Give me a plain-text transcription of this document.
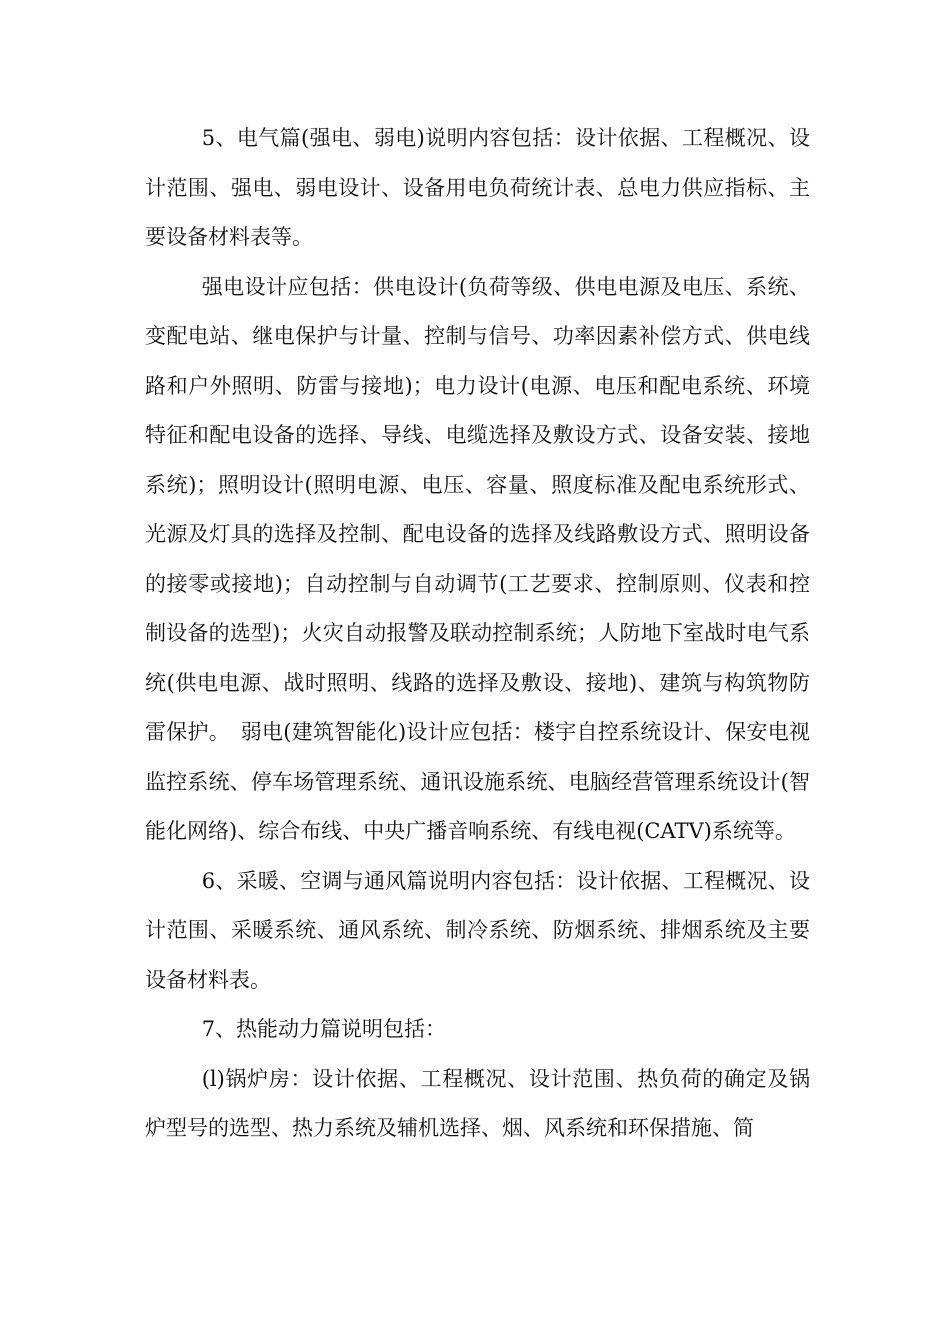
5、电气篇(强电、弱电)说明内容包括：设计依据、工程概况、设计范围、强电、弱电设计、设备用电负荷统计表、总电力供应指标、主要设备材料表等。

强电设计应包括：供电设计(负荷等级、供电电源及电压、系统、变配电站、继电保护与计量、控制与信号、功率因素补偿方式、供电线路和户外照明、防雷与接地)；电力设计(电源、电压和配电系统、环境特征和配电设备的选择、导线、电缆选择及敷设方式、设备安装、接地系统)；照明设计(照明电源、电压、容量、照度标准及配电系统形式、光源及灯具的选择及控制、配电设备的选择及线路敷设方式、照明设备的接零或接地)；自动控制与自动调节(工艺要求、控制原则、仪表和控制设备的选型)；火灾自动报警及联动控制系统；人防地下室战时电气系统(供电电源、战时照明、线路的选择及敷设、接地)、建筑与构筑物防雷保护。　弱电(建筑智能化)设计应包括：楼宇自控系统设计、保安电视监控系统、停车场管理系统、通讯设施系统、电脑经营管理系统设计(智能化网络)、综合布线、中央广播音响系统、有线电视(CATV)系统等。

6、采暖、空调与通风篇说明内容包括：设计依据、工程概况、设计范围、采暖系统、通风系统、制冷系统、防烟系统、排烟系统及主要设备材料表。

7、热能动力篇说明包括：

(l)锅炉房：设计依据、工程概况、设计范围、热负荷的确定及锅炉型号的选型、热力系统及辅机选择、烟、风系统和环保措施、简
